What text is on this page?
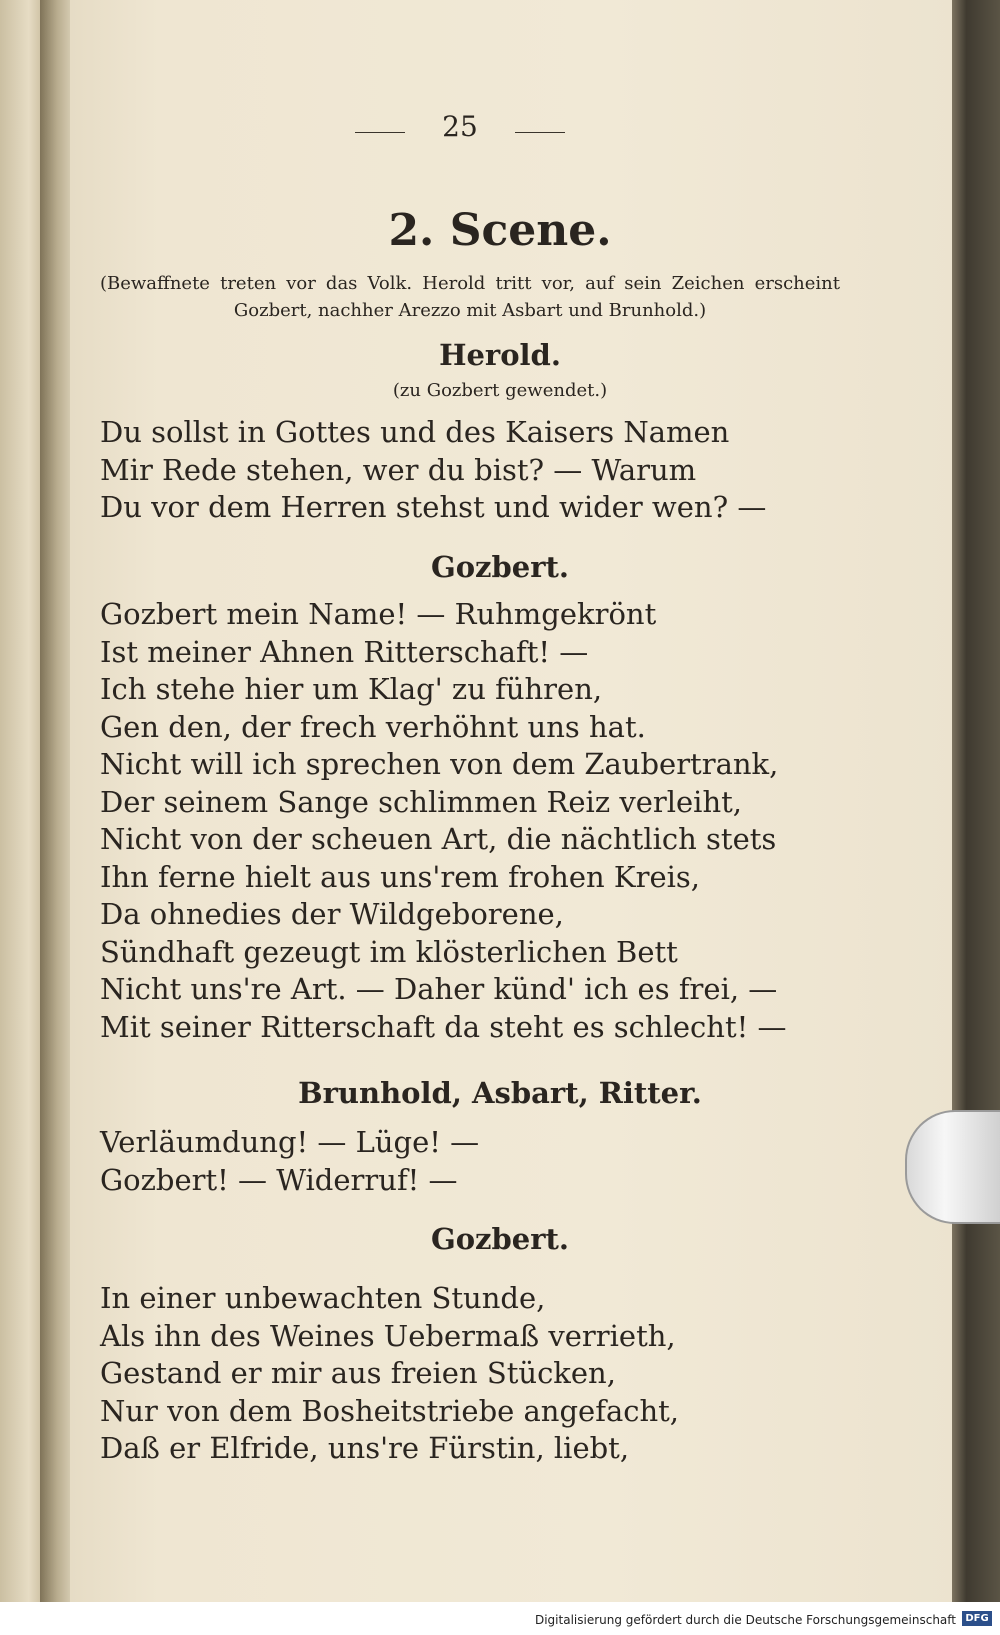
25
2. Scene.
(Bewaffnete treten vor das Volk. Herold tritt vor, auf sein Zeichen erscheint Gozbert, nachher Arezzo mit Asbart und Brunhold.)
Herold.
(zu Gozbert gewendet.)
Du sollst in Gottes und des Kaisers Namen
Mir Rede stehen, wer du bist? — Warum
Du vor dem Herren stehst und wider wen? —
Gozbert.
Gozbert mein Name! — Ruhmgekrönt
Ist meiner Ahnen Ritterschaft! —
Ich stehe hier um Klag' zu führen,
Gen den, der frech verhöhnt uns hat.
Nicht will ich sprechen von dem Zaubertrank,
Der seinem Sange schlimmen Reiz verleiht,
Nicht von der scheuen Art, die nächtlich stets
Ihn ferne hielt aus uns'rem frohen Kreis,
Da ohnedies der Wildgeborene,
Sündhaft gezeugt im klösterlichen Bett
Nicht uns're Art. — Daher künd' ich es frei, —
Mit seiner Ritterschaft da steht es schlecht! —
Brunhold, Asbart, Ritter.
Verläumdung! — Lüge! —
Gozbert! — Widerruf! —
Gozbert.
In einer unbewachten Stunde,
Als ihn des Weines Uebermaß verrieth,
Gestand er mir aus freien Stücken,
Nur von dem Bosheitstriebe angefacht,
Daß er Elfride, uns're Fürstin, liebt,
Digitalisierung gefördert durch die Deutsche Forschungsgemeinschaft DFG
